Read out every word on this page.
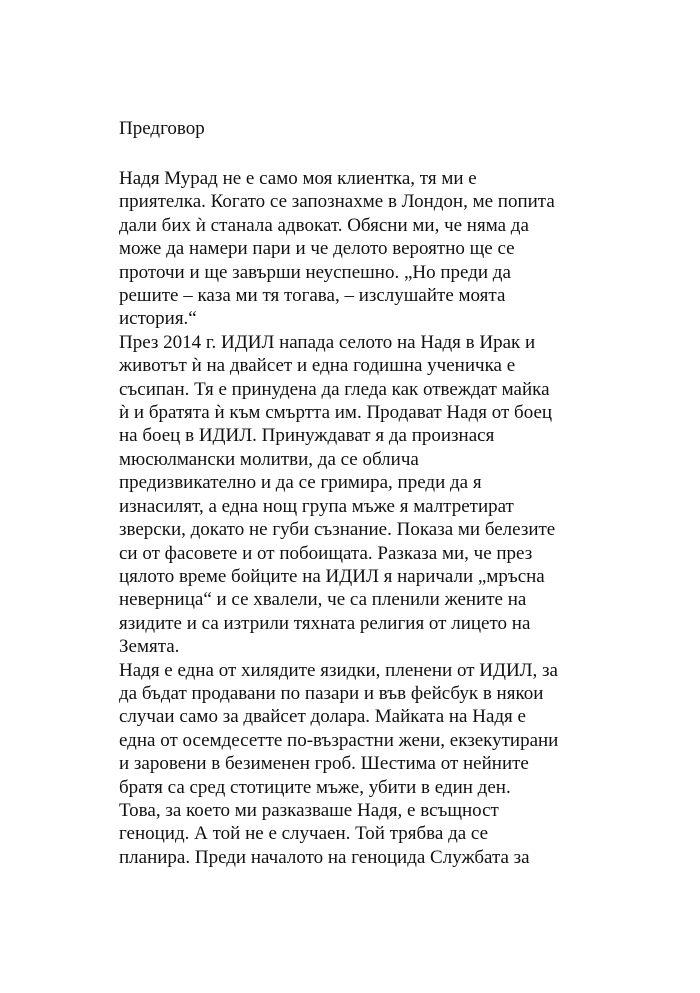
Предговор
Надя Мурад не е само моя клиентка, тя ми е
приятелка. Когато се запознахме в Лондон, ме попита
дали бих ѝ станала адвокат. Обясни ми, че няма да
може да намери пари и че делото вероятно ще се
проточи и ще завърши неуспешно. „Но преди да
решите – каза ми тя тогава, – изслушайте моята
история.“
През 2014 г. ИДИЛ напада селото на Надя в Ирак и
животът ѝ на двайсет и една годишна ученичка е
съсипан. Тя е принудена да гледа как отвеждат майка
ѝ и братята ѝ към смъртта им. Продават Надя от боец
на боец в ИДИЛ. Принуждават я да произнася
мюсюлмански молитви, да се облича
предизвикателно и да се гримира, преди да я
изнасилят, а една нощ група мъже я малтретират
зверски, докато не губи съзнание. Показа ми белезите
си от фасовете и от побоищата. Разказа ми, че през
цялото време бойците на ИДИЛ я наричали „мръсна
неверница“ и се хвалели, че са пленили жените на
язидите и са изтрили тяхната религия от лицето на
Земята.
Надя е една от хилядите язидки, пленени от ИДИЛ, за
да бъдат продавани по пазари и във фейсбук в някои
случаи само за двайсет долара. Майката на Надя е
една от осемдесетте по-възрастни жени, екзекутирани
и заровени в безименен гроб. Шестима от нейните
братя са сред стотиците мъже, убити в един ден.
Това, за което ми разказваше Надя, е всъщност
геноцид. А той не е случаен. Той трябва да се
планира. Преди началото на геноцида Службата за
